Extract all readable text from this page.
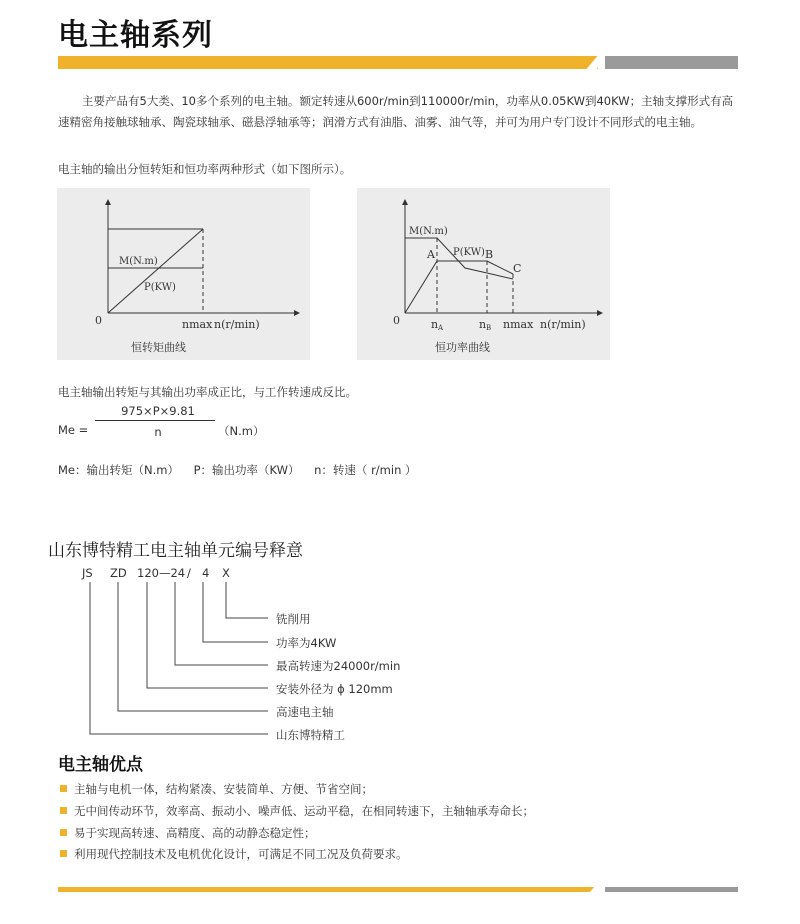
电主轴系列
主要产品有5大类、10多个系列的电主轴。额定转速从600r/min到110000r/min，功率从0.05KW到40KW；主轴支撑形式有高速精密角接触球轴承、陶瓷球轴承、磁悬浮轴承等；润滑方式有油脂、油雾、油气等，并可为用户专门设计不同形式的电主轴。
电主轴的输出分恒转矩和恒功率两种形式（如下图所示）。
M(N.m)
P(KW)
0	nmax n(r/min)
恒转矩曲线
M(N.m)
P(KW)
A	B
C
0	n A	n B nmax n(r/min)
恒功率曲线
电主轴输出转矩与其输出功率成正比，与工作转速成反比。
Me =
975×P×9.81
n	（N.m）
Me：输出转矩（N.m）    P：输出功率（KW）    n：转速（ r/min ）
山东博特精工电主轴单元编号释意
JS ZD 120—24 / 4 X
铣削用
功率为4KW
最高转速为24000r/min
安装外径为 ϕ 120mm
高速电主轴
山东博特精工
电主轴优点
主轴与电机一体，结构紧凑、安装简单、方便、节省空间；
无中间传动环节，效率高、振动小、噪声低、运动平稳，在相同转速下，主轴轴承寿命长；
易于实现高转速、高精度、高的动静态稳定性；
利用现代控制技术及电机优化设计，可满足不同工况及负荷要求。
